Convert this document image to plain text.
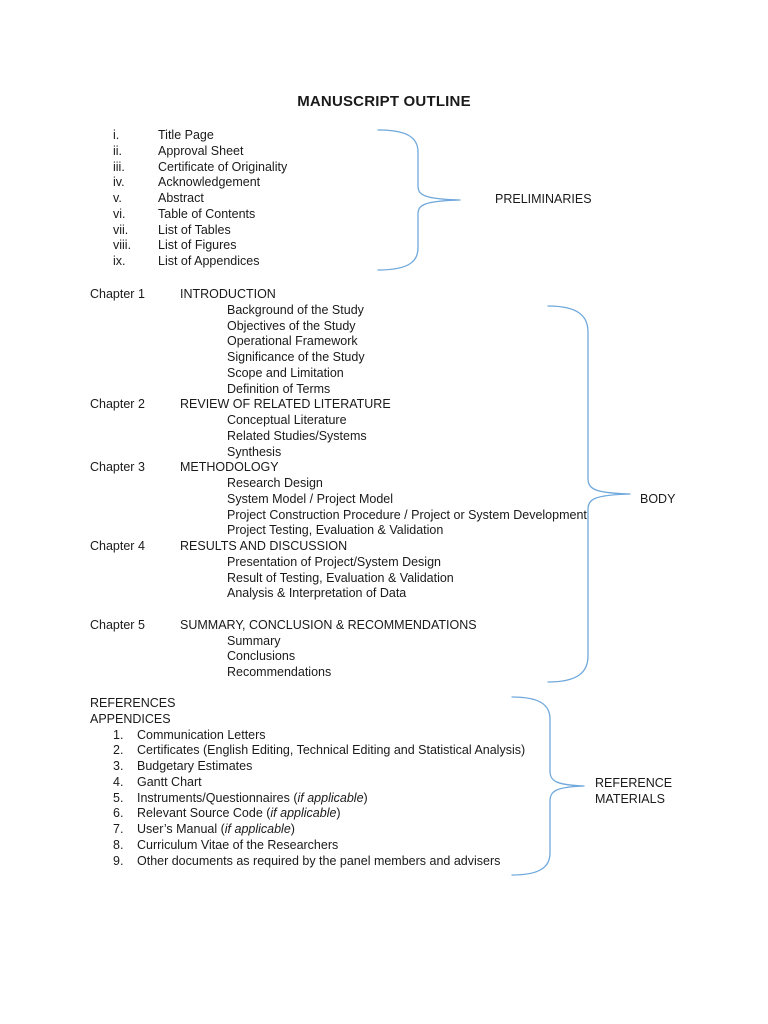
MANUSCRIPT OUTLINE
i.	Title Page
ii.	Approval Sheet
iii.	Certificate of Originality
iv.	Acknowledgement
v.	Abstract
vi.	Table of Contents
vii.	List of Tables
viii.	List of Figures
ix.	List of Appendices
PRELIMINARIES
Chapter 1	INTRODUCTION
Background of the Study
Objectives of the Study
Operational Framework
Significance of the Study
Scope and Limitation
Definition of Terms
Chapter 2	REVIEW OF RELATED LITERATURE
Conceptual Literature
Related Studies/Systems
Synthesis
Chapter 3	METHODOLOGY
Research Design
System Model / Project Model
Project Construction Procedure / Project or System Development
Project Testing, Evaluation & Validation
Chapter 4	RESULTS AND DISCUSSION
Presentation of Project/System Design
Result of Testing, Evaluation & Validation
Analysis & Interpretation of Data
Chapter 5	SUMMARY, CONCLUSION & RECOMMENDATIONS
Summary
Conclusions
Recommendations
BODY
REFERENCES
APPENDICES
1.	Communication Letters
2.	Certificates (English Editing, Technical Editing and Statistical Analysis)
3.	Budgetary Estimates
4.	Gantt Chart
5.	Instruments/Questionnaires (if applicable)
6.	Relevant Source Code (if applicable)
7.	User’s Manual (if applicable)
8.	Curriculum Vitae of the Researchers
9.	Other documents as required by the panel members and advisers
REFERENCE
MATERIALS
